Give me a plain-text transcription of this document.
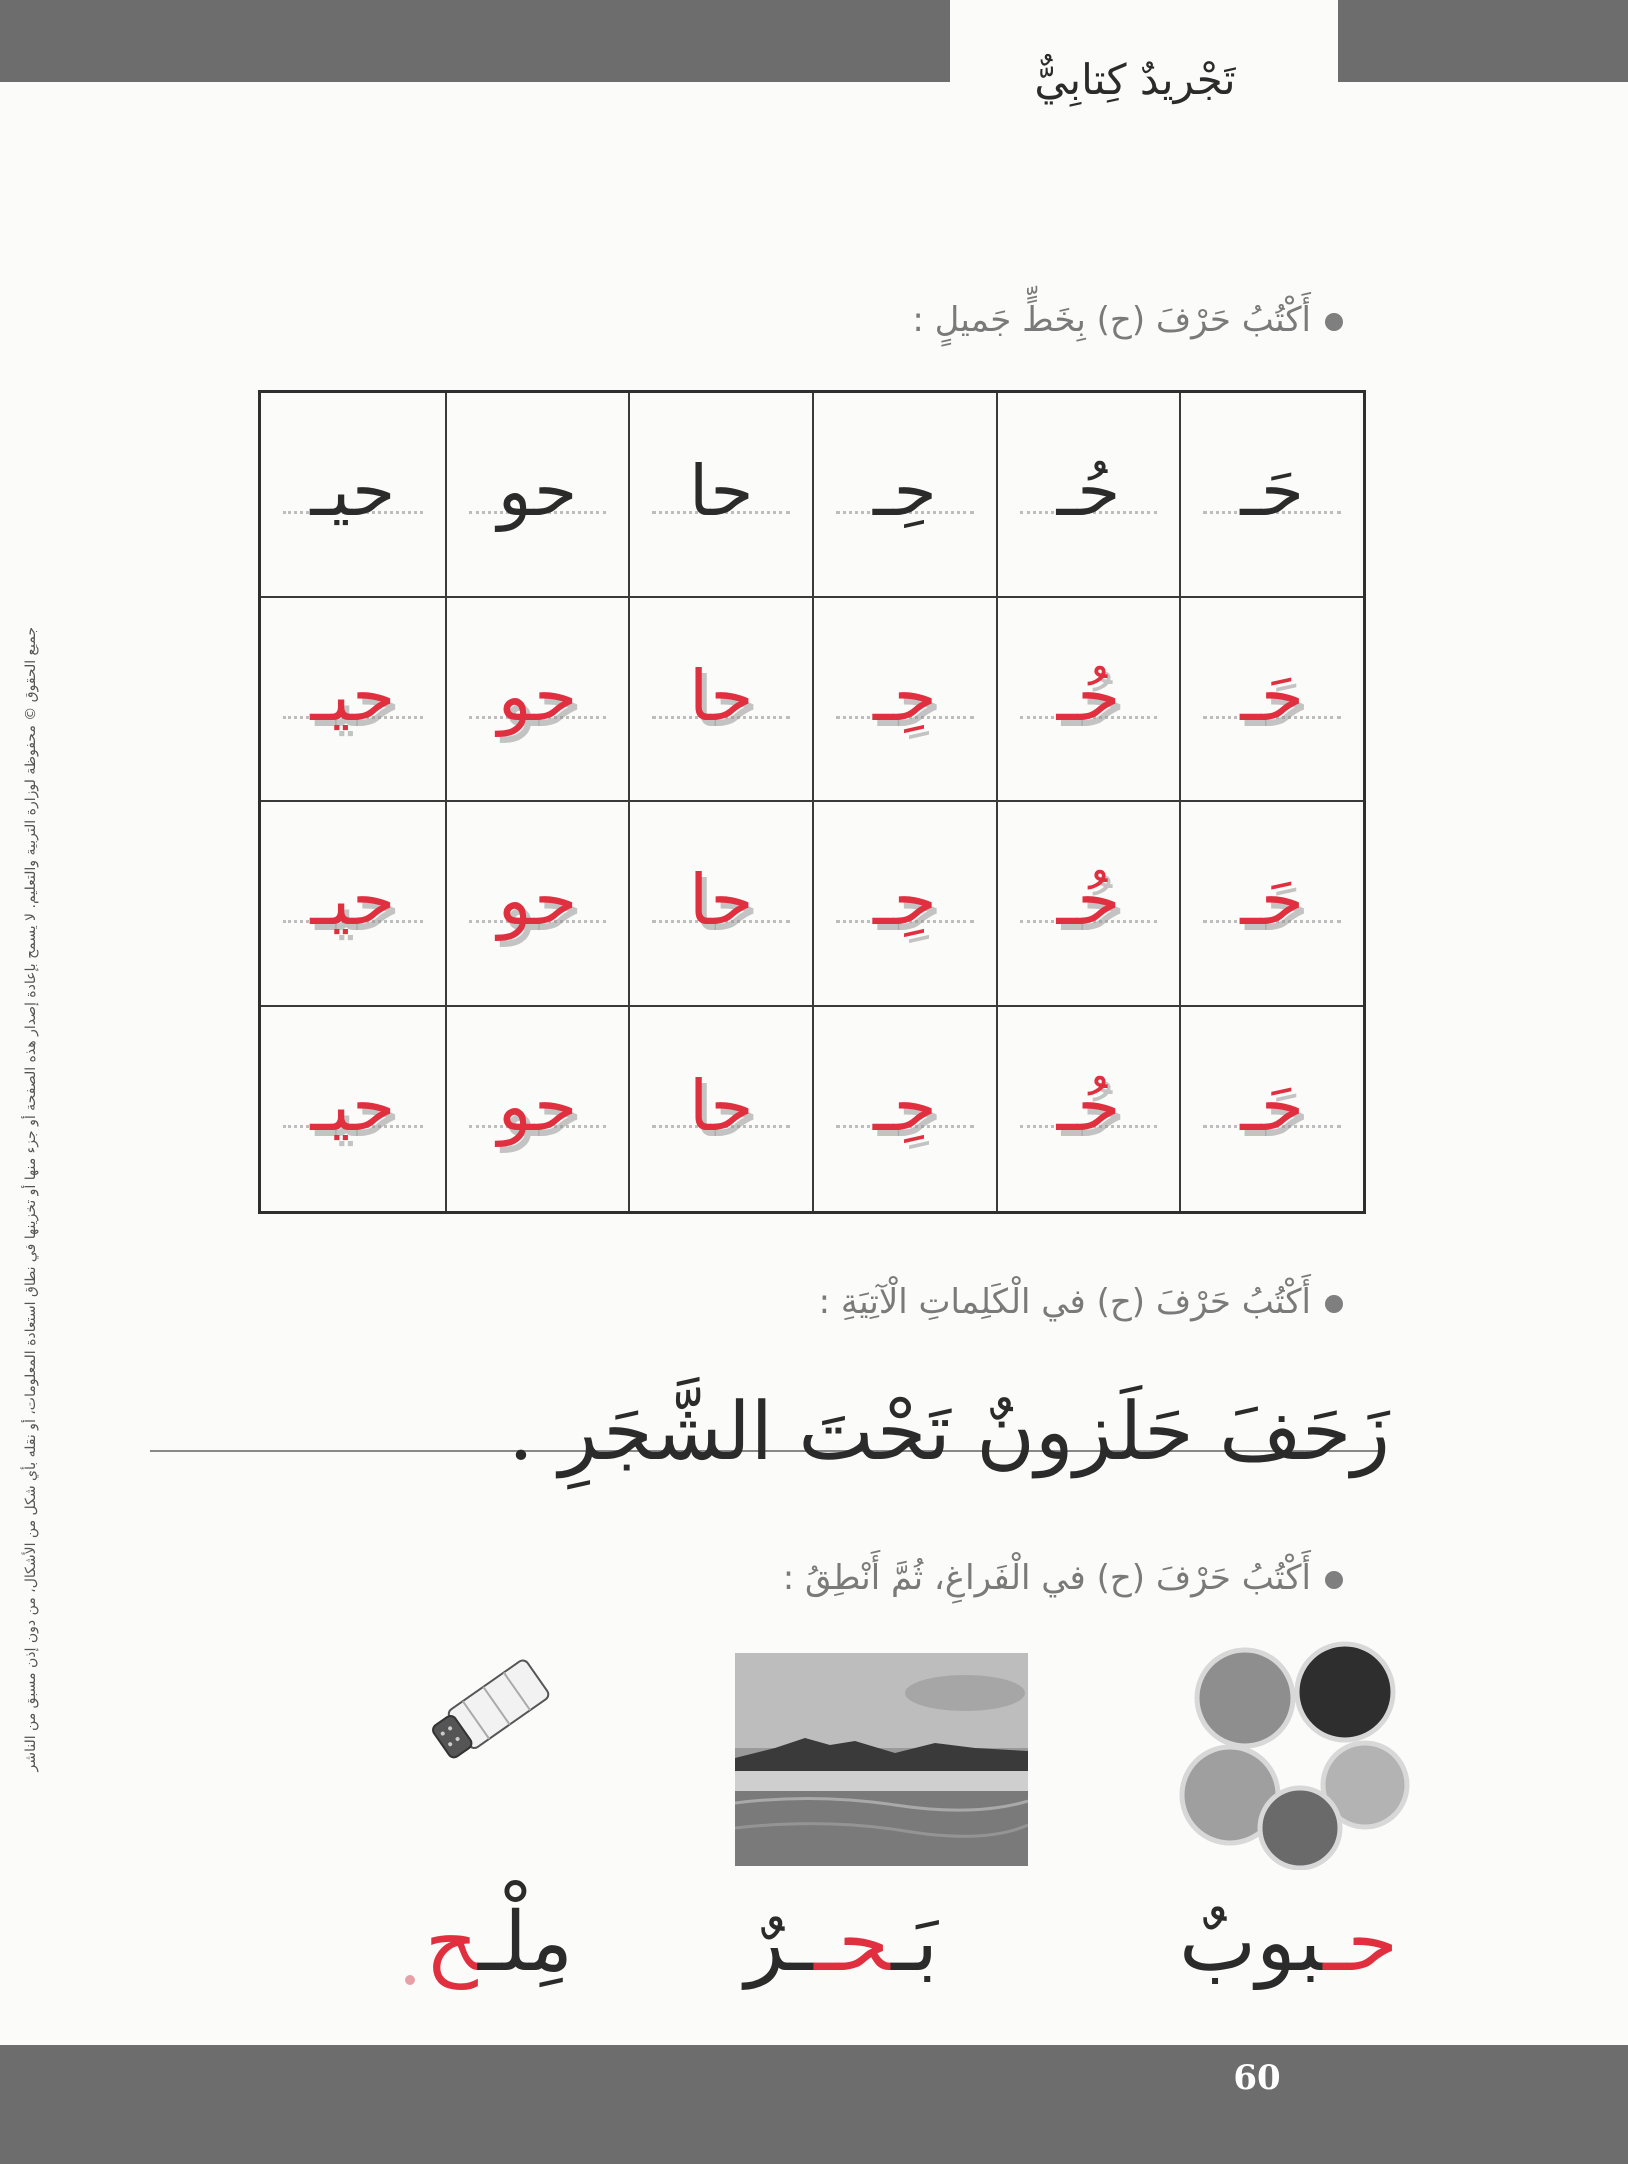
تَجْريدٌ كِتابِيٌّ
أَكْتُبُ حَرْفَ (ح) بِخَطٍّ جَميلٍ :
حَـ
حُـ
حِـ
حا
حو
حيـ
حَـ
حُـ
حِـ
حا
حو
حيـ
حَـ
حُـ
حِـ
حا
حو
حيـ
حَـ
حُـ
حِـ
حا
حو
حيـ
أَكْتُبُ حَرْفَ (ح) في الْكَلِماتِ الْآتِيَةِ :
زَحَفَ حَلَزونٌ تَحْتَ الشَّجَرِ .
أَكْتُبُ حَرْفَ (ح) في الْفَراغِ، ثُمَّ أَنْطِقُ :
حـبوبٌ
بَـحــرٌ
مِلْـح
60
جميع الحقوق © محفوظة لوزارة التربية والتعليم. لا يسمح بإعادة إصدار هذه الصفحة أو جزء منها أو تخزينها في نطاق استعادة المعلومات، أو نقله بأي شكل من الأشكال، من دون إذن مسبق من الناشر
